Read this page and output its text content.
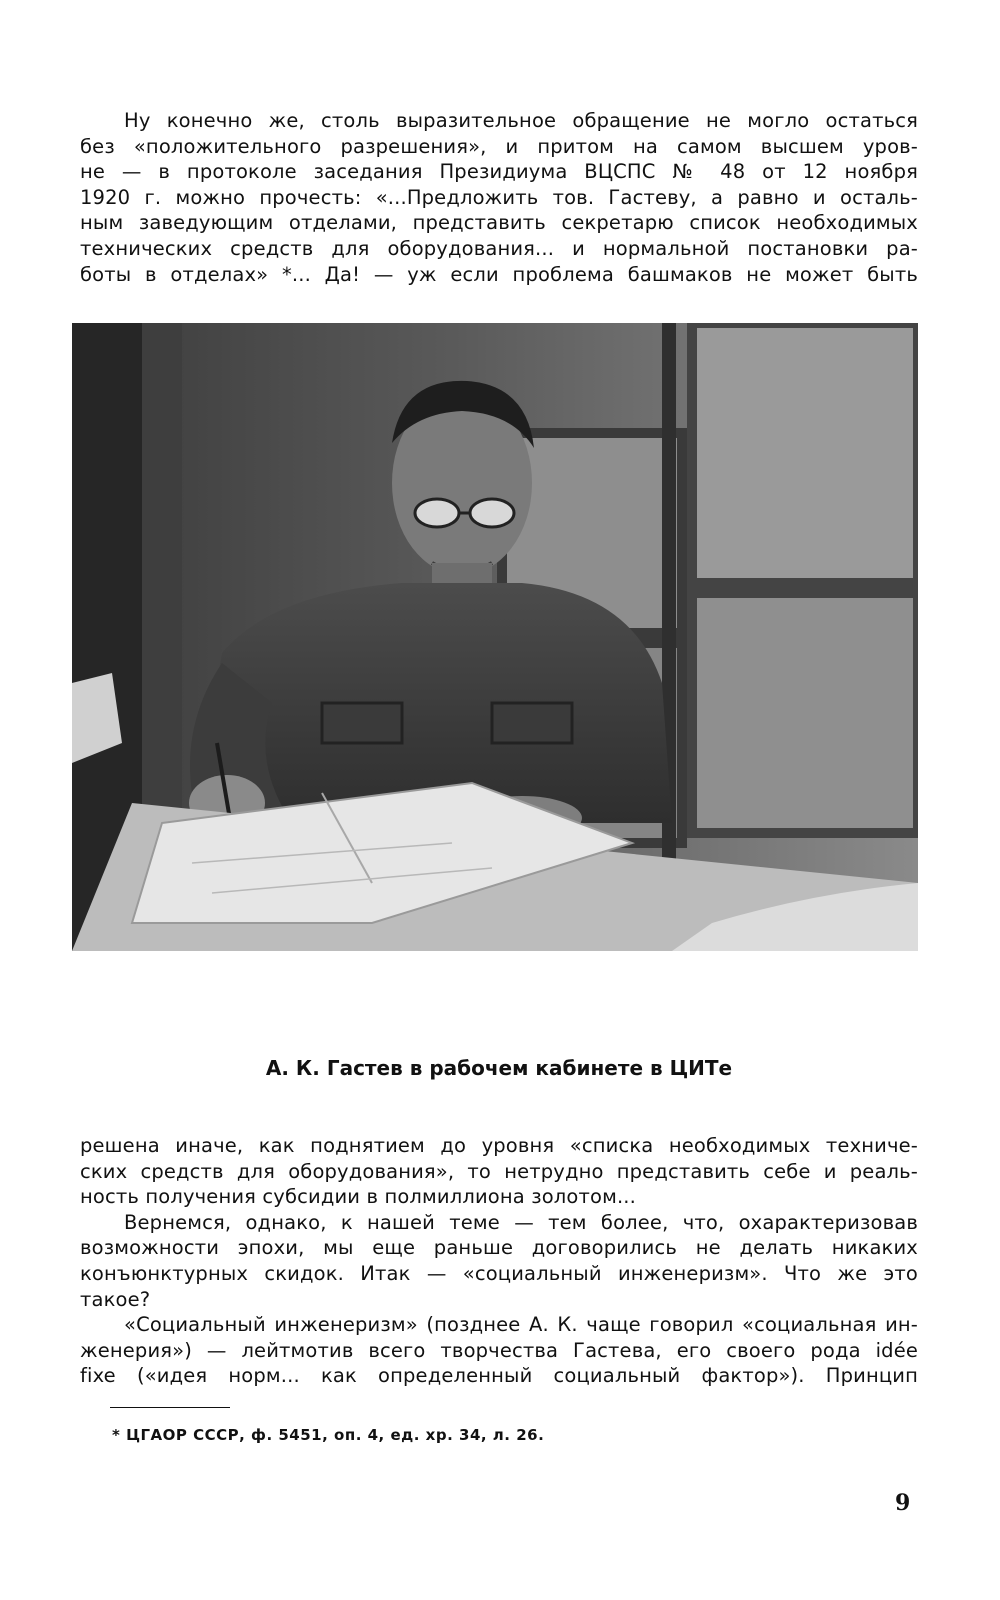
Ну конечно же, столь выразительное обращение не могло остаться
без «положительного разрешения», и притом на самом высшем уров-
не — в протоколе заседания Президиума ВЦСПС № 48 от 12 ноября
1920 г. можно прочесть: «...Предложить тов. Гастеву, а равно и осталь-
ным заведующим отделами, представить секретарю список необходимых
технических средств для оборудования... и нормальной постановки ра-
боты в отделах» *... Да! — уж если проблема башмаков не может быть
А. К. Гастев в рабочем кабинете в ЦИТе
решена иначе, как поднятием до уровня «списка необходимых техниче-
ских средств для оборудования», то нетрудно представить себе и реаль-
ность получения субсидии в полмиллиона золотом...
Вернемся, однако, к нашей теме — тем более, что, охарактеризовав
возможности эпохи, мы еще раньше договорились не делать никаких
конъюнктурных скидок. Итак — «социальный инженеризм». Что же это
такое?
«Социальный инженеризм» (позднее А. К. чаще говорил «социальная ин-
женерия») — лейтмотив всего творчества Гастева, его своего рода idée
fixe («идея норм... как определенный социальный фактор»). Принцип
* ЦГАОР СССР, ф. 5451, оп. 4, ед. хр. 34, л. 26.
9
